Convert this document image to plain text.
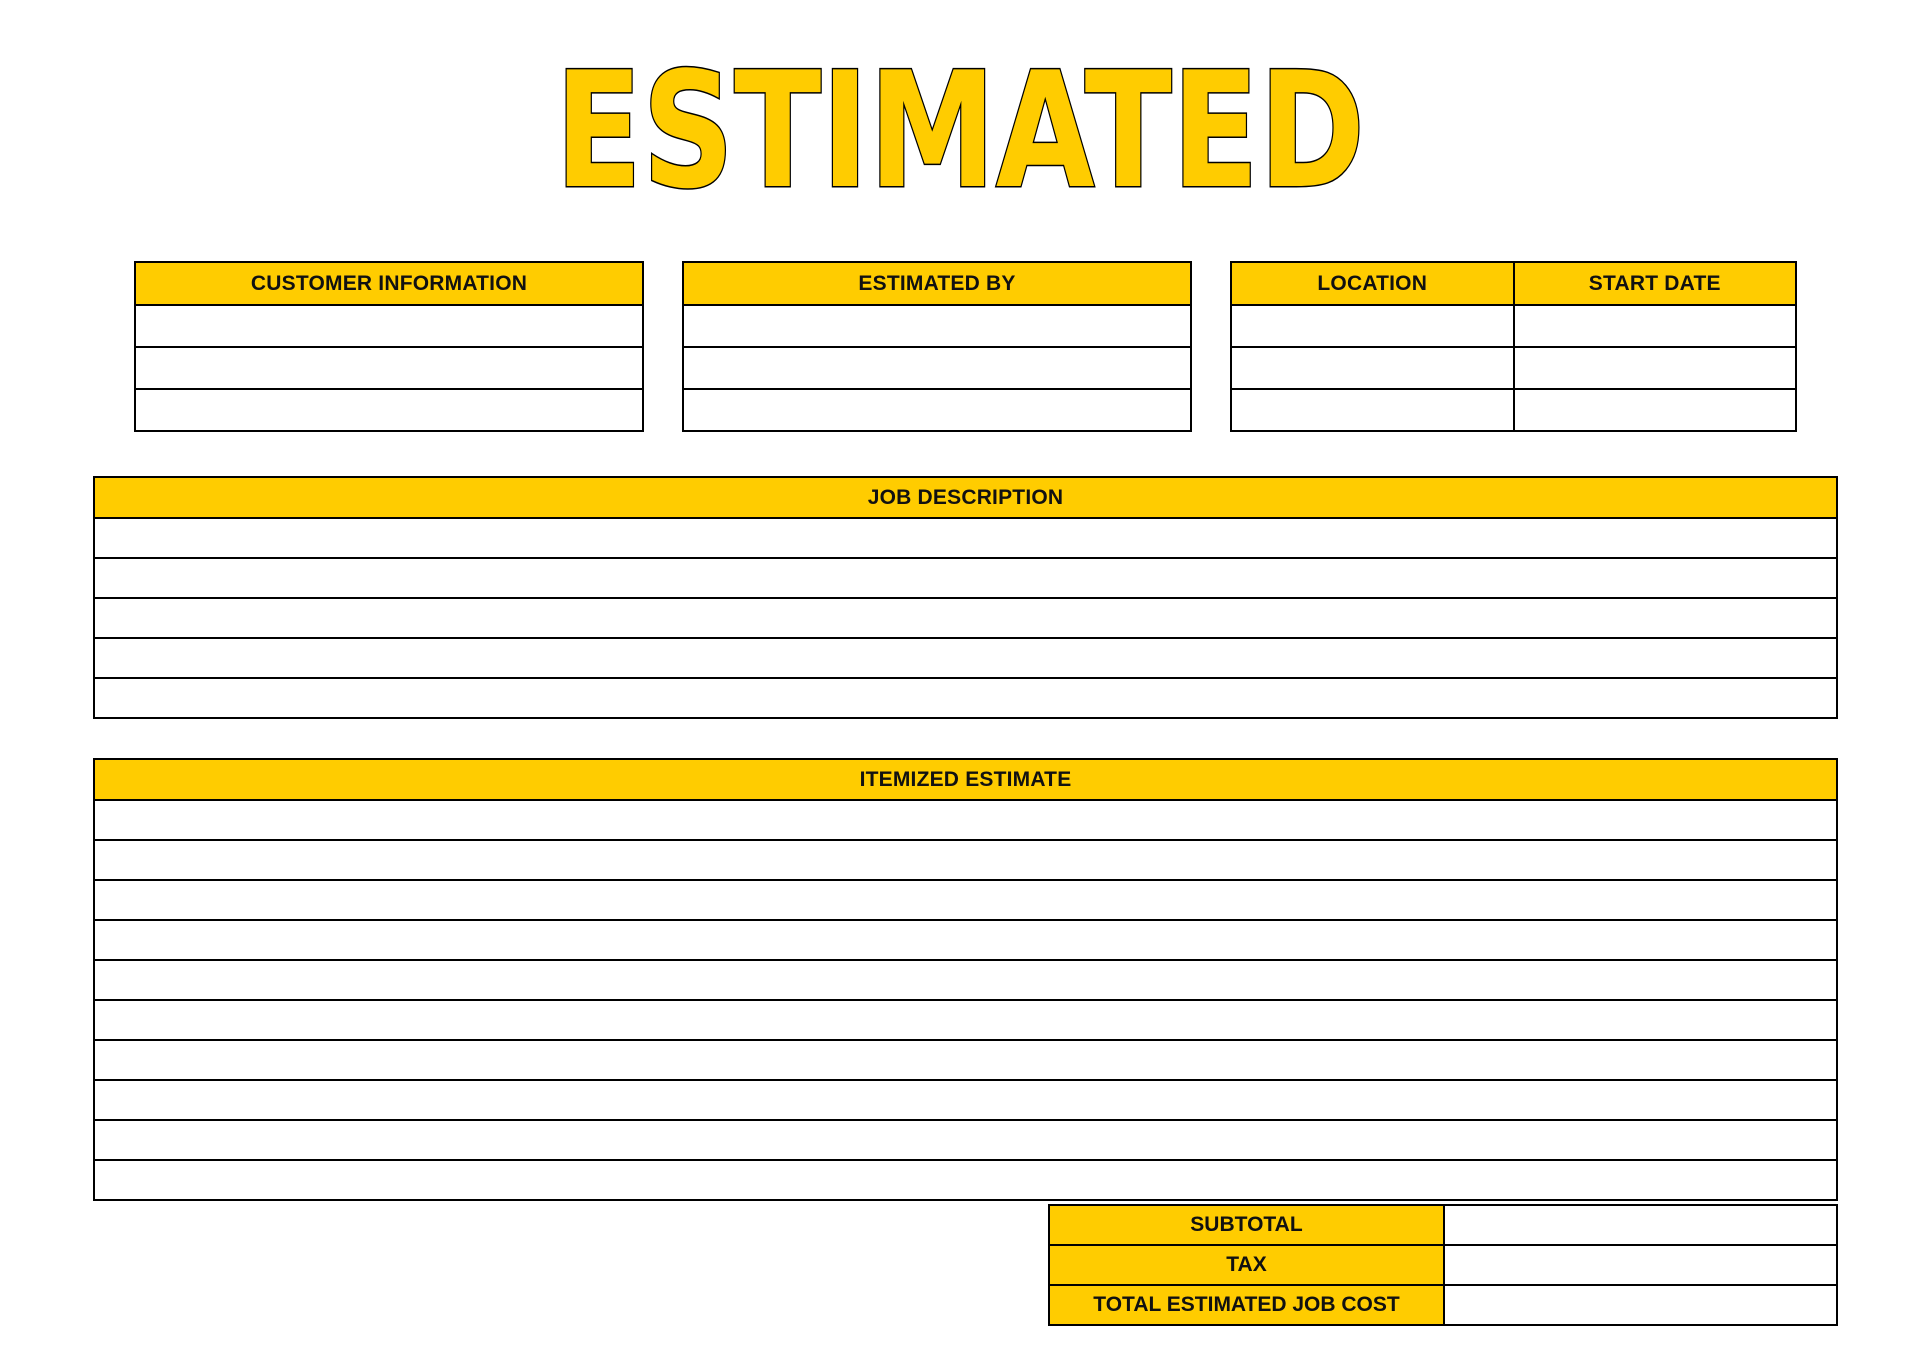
ESTIMATED
CUSTOMER INFORMATION	ESTIMATED BY	LOCATION	START DATE

JOB DESCRIPTION

ITEMIZED ESTIMATE

SUBTOTAL	
TAX	
TOTAL ESTIMATED JOB COST	
